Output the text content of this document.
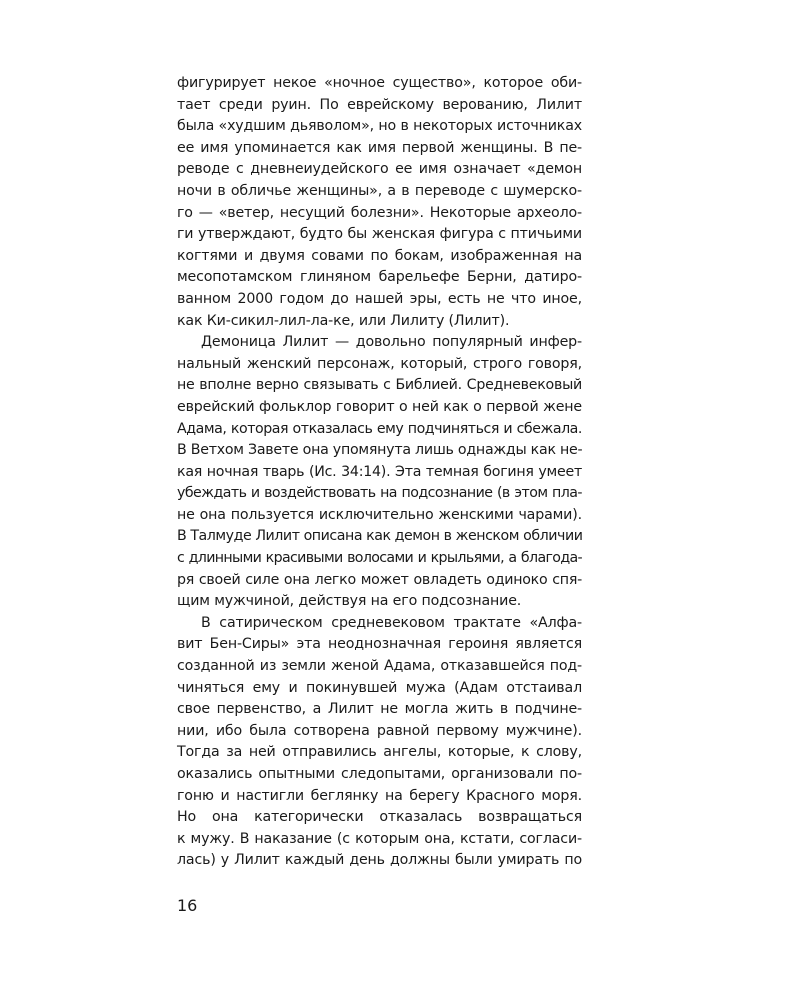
фигурирует некое «ночное существо», которое оби-
тает среди руин. По еврейскому верованию, Лилит
была «худшим дьяволом», но в некоторых источниках
ее имя упоминается как имя первой женщины. В пе-
реводе с дневнеиудейского ее имя означает «демон
ночи в обличье женщины», а в переводе с шумерско-
го — «ветер, несущий болезни». Некоторые археоло-
ги утверждают, будто бы женская фигура с птичьими
когтями и двумя совами по бокам, изображенная на
месопотамском глиняном барельефе Берни, датиро-
ванном 2000 годом до нашей эры, есть не что иное,
как Ки-сикил-лил-ла-ке, или Лилиту (Лилит).
Демоница Лилит — довольно популярный инфер-
нальный женский персонаж, который, строго говоря,
не вполне верно связывать с Библией. Средневековый
еврейский фольклор говорит о ней как о первой жене
Адама, которая отказалась ему подчиняться и сбежала.
В Ветхом Завете она упомянута лишь однажды как не-
кая ночная тварь (Ис. 34:14). Эта темная богиня умеет
убеждать и воздействовать на подсознание (в этом пла-
не она пользуется исключительно женскими чарами).
В Талмуде Лилит описана как демон в женском обличии
с длинными красивыми волосами и крыльями, а благода-
ря своей силе она легко может овладеть одиноко спя-
щим мужчиной, действуя на его подсознание.
В сатирическом средневековом трактате «Алфа-
вит Бен-Сиры» эта неоднозначная героиня является
созданной из земли женой Адама, отказавшейся под-
чиняться ему и покинувшей мужа (Адам отстаивал
свое первенство, а Лилит не могла жить в подчине-
нии, ибо была сотворена равной первому мужчине).
Тогда за ней отправились ангелы, которые, к слову,
оказались опытными следопытами, организовали по-
гоню и настигли беглянку на берегу Красного моря.
Но она категорически отказалась возвращаться
к мужу. В наказание (с которым она, кстати, согласи-
лась) у Лилит каждый день должны были умирать по
16
